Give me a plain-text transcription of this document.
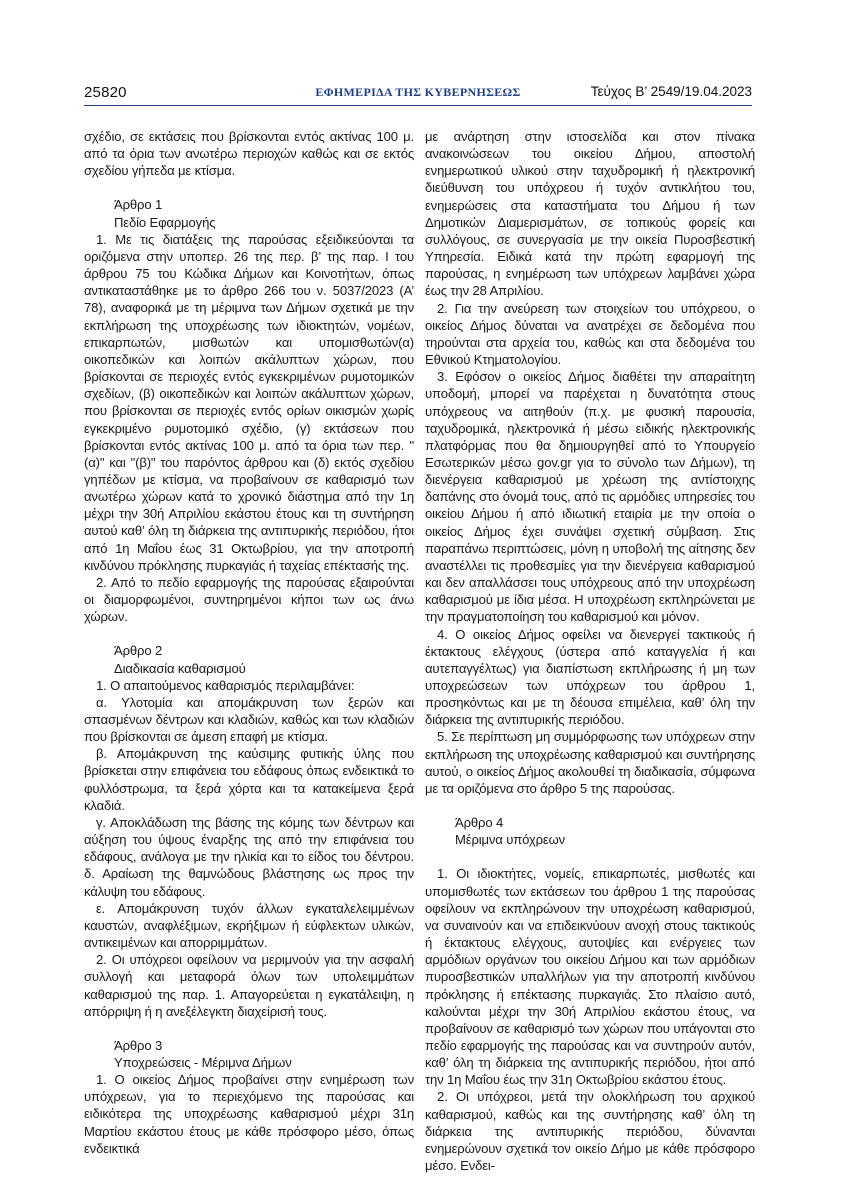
25820	ΕΦΗΜΕΡΙΔΑ ΤΗΣ ΚΥΒΕΡΝΗΣΕΩΣ	Τεύχος Β’ 2549/19.04.2023

σχέδιο, σε εκτάσεις που βρίσκονται εντός ακτίνας 100 μ. από τα όρια των ανωτέρω περιοχών καθώς και σε εκτός σχεδίου γήπεδα με κτίσμα.

Άρθρο 1

Πεδίο Εφαρμογής

1. Με τις διατάξεις της παρούσας εξειδικεύονται τα οριζόμενα στην υποπερ. 26 της περ. β’ της παρ. Ι του άρθρου 75 του Κώδικα Δήμων και Κοινοτήτων, όπως αντικαταστάθηκε με το άρθρο 266 του ν. 5037/2023 (Α’ 78), αναφορικά με τη μέριμνα των Δήμων σχετικά με την εκπλήρωση της υποχρέωσης των ιδιοκτητών, νομέων, επικαρπωτών, μισθωτών και υπομισθωτών(α) οικοπεδικών και λοιπών ακάλυπτων χώρων, που βρίσκονται σε περιοχές εντός εγκεκριμένων ρυμοτομικών σχεδίων, (β) οικοπεδικών και λοιπών ακάλυπτων χώρων, που βρίσκονται σε περιοχές εντός ορίων οικισμών χωρίς εγκεκριμένο ρυμοτομικό σχέδιο, (γ) εκτάσεων που βρίσκονται εντός ακτίνας 100 μ. από τα όρια των περ. "(α)" και "(β)" του παρόντος άρθρου και (δ) εκτός σχεδίου γηπέδων με κτίσμα, να προβαίνουν σε καθαρισμό των ανωτέρω χώρων κατά το χρονικό διάστημα από την 1η μέχρι την 30ή Απριλίου εκάστου έτους και τη συντήρηση αυτού καθ’ όλη τη διάρκεια της αντιπυρικής περιόδου, ήτοι από 1η Μαΐου έως 31 Οκτωβρίου, για την αποτροπή κινδύνου πρόκλησης πυρκαγιάς ή ταχείας επέκτασής της.

2. Από το πεδίο εφαρμογής της παρούσας εξαιρούνται οι διαμορφωμένοι, συντηρημένοι κήποι των ως άνω χώρων.

Άρθρο 2

Διαδικασία καθαρισμού

1. Ο απαιτούμενος καθαρισμός περιλαμβάνει:

α. Υλοτομία και απομάκρυνση των ξερών και σπασμένων δέντρων και κλαδιών, καθώς και των κλαδιών που βρίσκονται σε άμεση επαφή με κτίσμα.

β. Απομάκρυνση της καύσιμης φυτικής ύλης που βρίσκεται στην επιφάνεια του εδάφους όπως ενδεικτικά το φυλλόστρωμα, τα ξερά χόρτα και τα κατακείμενα ξερά κλαδιά.

γ. Αποκλάδωση της βάσης της κόμης των δέντρων και αύξηση του ύψους έναρξης της από την επιφάνεια του εδάφους, ανάλογα με την ηλικία και το είδος του δέντρου. δ. Αραίωση της θαμνώδους βλάστησης ως προς την κάλυψη του εδάφους.

ε. Απομάκρυνση τυχόν άλλων εγκαταλελειμμένων καυστών, αναφλέξιμων, εκρήξιμων ή εύφλεκτων υλικών, αντικειμένων και απορριμμάτων.

2. Οι υπόχρεοι οφείλουν να μεριμνούν για την ασφαλή συλλογή και μεταφορά όλων των υπολειμμάτων καθαρισμού της παρ. 1. Απαγορεύεται η εγκατάλειψη, η απόρριψη ή η ανεξέλεγκτη διαχείρισή τους.

Άρθρο 3

Υποχρεώσεις - Μέριμνα Δήμων

1. Ο οικείος Δήμος προβαίνει στην ενημέρωση των υπόχρεων, για το περιεχόμενο της παρούσας και ειδικότερα της υποχρέωσης καθαρισμού μέχρι 31η Μαρτίου εκάστου έτους με κάθε πρόσφορο μέσο, όπως ενδεικτικά

με ανάρτηση στην ιστοσελίδα και στον πίνακα ανακοινώσεων του οικείου Δήμου, αποστολή ενημερωτικού υλικού στην ταχυδρομική ή ηλεκτρονική διεύθυνση του υπόχρεου ή τυχόν αντικλήτου του, ενημερώσεις στα καταστήματα του Δήμου ή των Δημοτικών Διαμερισμάτων, σε τοπικούς φορείς και συλλόγους, σε συνεργασία με την οικεία Πυροσβεστική Υπηρεσία. Ειδικά κατά την πρώτη εφαρμογή της παρούσας, η ενημέρωση των υπόχρεων λαμβάνει χώρα έως την 28 Απριλίου.

2. Για την ανεύρεση των στοιχείων του υπόχρεου, ο οικείος Δήμος δύναται να ανατρέχει σε δεδομένα που τηρούνται στα αρχεία του, καθώς και στα δεδομένα του Εθνικού Κτηματολογίου.

3. Εφόσον ο οικείος Δήμος διαθέτει την απαραίτητη υποδομή, μπορεί να παρέχεται η δυνατότητα στους υπόχρεους να αιτηθούν (π.χ. με φυσική παρουσία, ταχυδρομικά, ηλεκτρονικά ή μέσω ειδικής ηλεκτρονικής πλατφόρμας που θα δημιουργηθεί από το Υπουργείο Εσωτερικών μέσω gov.gr για το σύνολο των Δήμων), τη διενέργεια καθαρισμού με χρέωση της αντίστοιχης δαπάνης στο όνομά τους, από τις αρμόδιες υπηρεσίες του οικείου Δήμου ή από ιδιωτική εταιρία με την οποία ο οικείος Δήμος έχει συνάψει σχετική σύμβαση. Στις παραπάνω περιπτώσεις, μόνη η υποβολή της αίτησης δεν αναστέλλει τις προθεσμίες για την διενέργεια καθαρισμού και δεν απαλλάσσει τους υπόχρεους από την υποχρέωση καθαρισμού με ίδια μέσα. Η υποχρέωση εκπληρώνεται με την πραγματοποίηση του καθαρισμού και μόνον.

4. Ο οικείος Δήμος οφείλει να διενεργεί τακτικούς ή έκτακτους ελέγχους (ύστερα από καταγγελία ή και αυτεπαγγέλτως) για διαπίστωση εκπλήρωσης ή μη των υποχρεώσεων των υπόχρεων του άρθρου 1, προσηκόντως και με τη δέουσα επιμέλεια, καθ’ όλη την διάρκεια της αντιπυρικής περιόδου.

5. Σε περίπτωση μη συμμόρφωσης των υπόχρεων στην εκπλήρωση της υποχρέωσης καθαρισμού και συντήρησης αυτού, ο οικείος Δήμος ακολουθεί τη διαδικασία, σύμφωνα με τα οριζόμενα στο άρθρο 5 της παρούσας.

Άρθρο 4

Μέριμνα υπόχρεων

1. Οι ιδιοκτήτες, νομείς, επικαρπωτές, μισθωτές και υπομισθωτές των εκτάσεων του άρθρου 1 της παρούσας οφείλουν να εκπληρώνουν την υποχρέωση καθαρισμού, να συναινούν και να επιδεικνύουν ανοχή στους τακτικούς ή έκτακτους ελέγχους, αυτοψίες και ενέργειες των αρμόδιων οργάνων του οικείου Δήμου και των αρμόδιων πυροσβεστικών υπαλλήλων για την αποτροπή κινδύνου πρόκλησης ή επέκτασης πυρκαγιάς. Στο πλαίσιο αυτό, καλούνται μέχρι την 30ή Απριλίου εκάστου έτους, να προβαίνουν σε καθαρισμό των χώρων που υπάγονται στο πεδίο εφαρμογής της παρούσας και να συντηρούν αυτόν, καθ’ όλη τη διάρκεια της αντιπυρικής περιόδου, ήτοι από την 1η Μαΐου έως την 31η Οκτωβρίου εκάστου έτους.

2. Οι υπόχρεοι, μετά την ολοκλήρωση του αρχικού καθαρισμού, καθώς και της συντήρησης καθ’ όλη τη διάρκεια της αντιπυρικής περιόδου, δύνανται ενημερώνουν σχετικά τον οικείο Δήμο με κάθε πρόσφορο μέσο. Ενδει-
